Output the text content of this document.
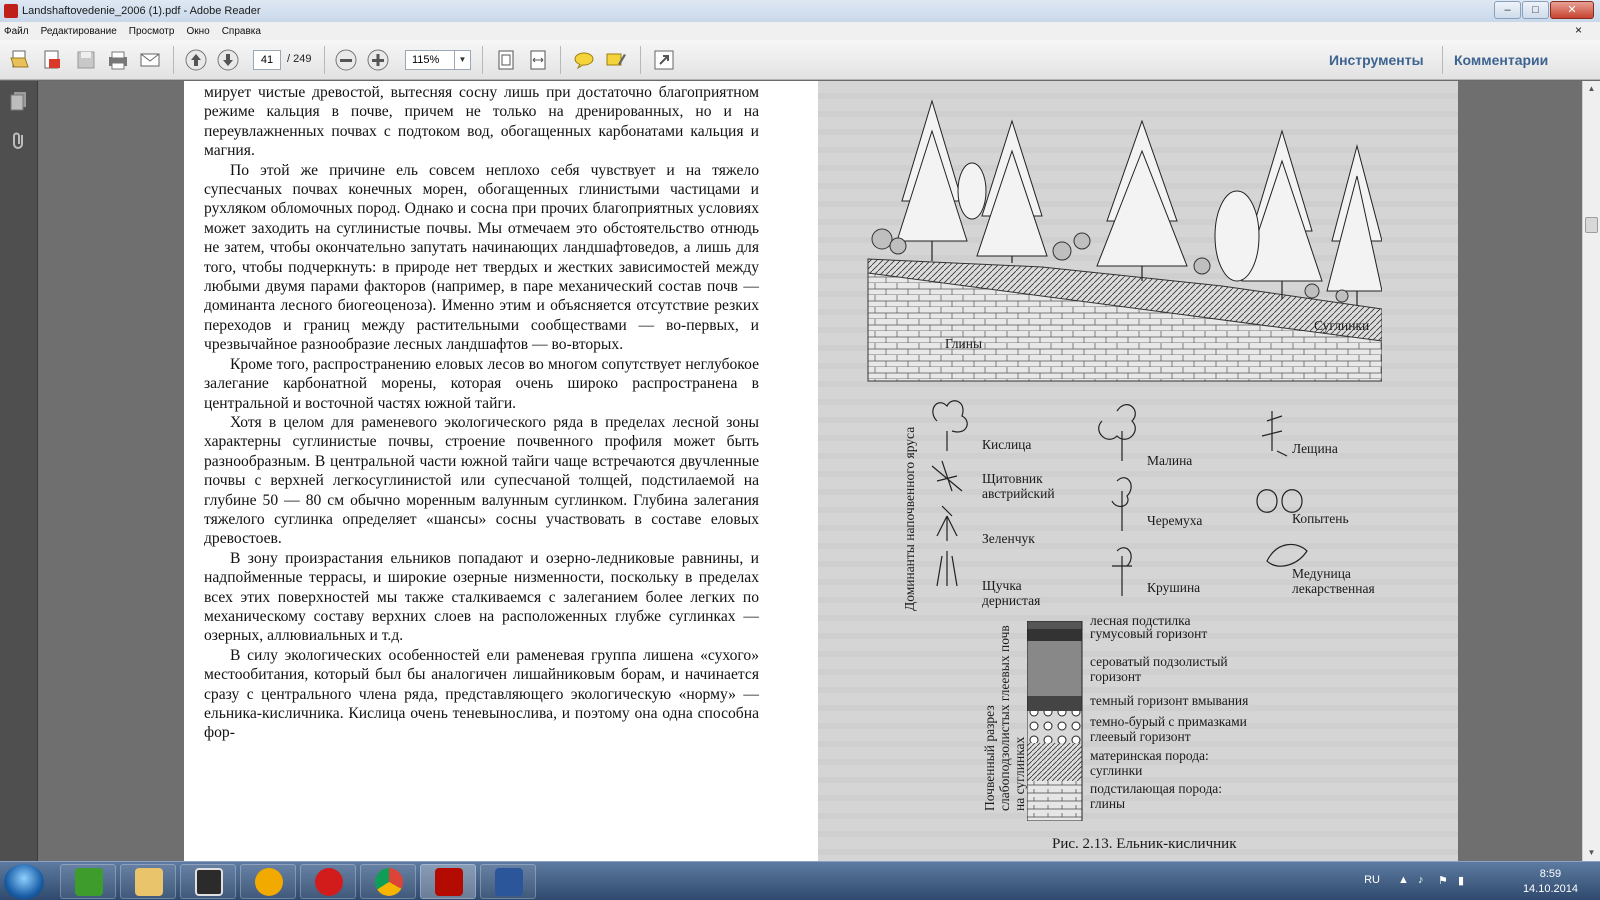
Landshaftovedenie_2006 (1).pdf - Adobe Reader	–	□	✕
Файл Редактирование Просмотр Окно Справка	×
41	/ 249	115%	▼	Инструменты Комментарии

мирует чистые древостой, вытесняя сосну лишь при достаточно благоприятном режиме кальция в почве, причем не только на дренированных, но и на переувлажненных почвах с подтоком вод, обогащенных карбонатами кальция и магния.

По этой же причине ель совсем неплохо себя чувствует и на тяжело супесчаных почвах конечных морен, обогащенных глинистыми частицами и рухляком обломочных пород. Однако и сосна при прочих благоприятных условиях может заходить на суглинистые почвы. Мы отмечаем это обстоятельство отнюдь не затем, чтобы окончательно запутать начинающих ландшафтоведов, а лишь для того, чтобы подчеркнуть: в природе нет твердых и жестких зависимостей между любыми двумя парами факторов (например, в паре механический состав почв — доминанта лесного биогеоценоза). Именно этим и объясняется отсутствие резких переходов и границ между растительными сообществами — во-первых, и чрезвычайное разнообразие лесных ландшафтов — во-вторых.

Кроме того, распространению еловых лесов во многом сопутствует неглубокое залегание карбонатной морены, которая очень широко распространена в центральной и восточной частях южной тайги.

Хотя в целом для раменевого экологического ряда в пределах лесной зоны характерны суглинистые почвы, строение почвенного профиля может быть разнообразным. В центральной части южной тайги чаще встречаются двучленные почвы с верхней легкосуглинистой или супесчаной толщей, подстилаемой на глубине 50 — 80 см обычно моренным валунным суглинком. Глубина залегания тяжелого суглинка определяет «шансы» сосны участвовать в составе еловых древостоев.

В зону произрастания ельников попадают и озерно-ледниковые равнины, и надпойменные террасы, и широкие озерные низменности, поскольку в пределах всех этих поверхностей мы также сталкиваемся с залеганием более легких по механическому составу верхних слоев на расположенных глубже суглинках — озерных, аллювиальных и т.д.

В силу экологических особенностей ели раменевая группа лишена «сухого» местообитания, который был бы аналогичен лишайниковым борам, и начинается сразу с центрального члена ряда, представляющего экологическую «норму» — ельника-кисличника. Кислица очень теневынослива, и поэтому она одна способна фор-

Глины
Суглинки
Доминанты напочвенного яруса	Кислица
Щитовник австрийский
Зеленчук
Щучка дернистая
Малина
Черемуха
Крушина
Лещина
Копытень
Медуница лекарственная
Почвенный разрез слабоподзолистых глеевых почв на суглинках
лесная подстилка
гумусовый горизонт
сероватый подзолистый горизонт
темный горизонт вмывания
темно-бурый с примазками глеевый горизонт
материнская порода: суглинки
подстилающая порода: глины
Рис. 2.13. Ельник-кисличник
▲
▼
RU ▲ ♪	⚑ ▮
8:59
14.10.2014
